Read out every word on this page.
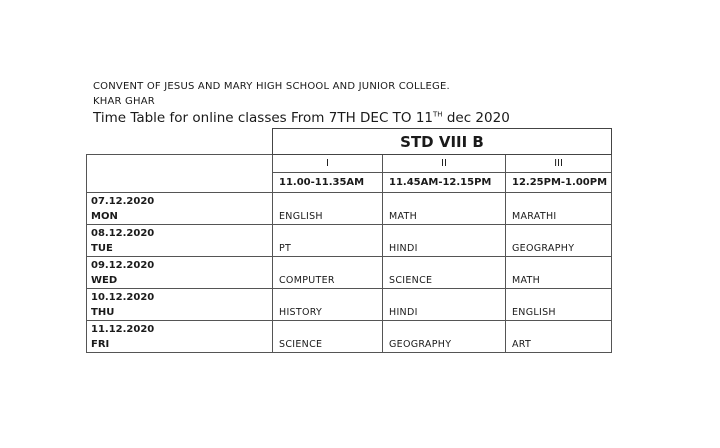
CONVENT OF JESUS AND MARY HIGH SCHOOL AND JUNIOR COLLEGE.
KHAR GHAR
Time Table for online classes From 7TH DEC TO 11TH dec 2020
	STD VIII B		
	I	II	III
	11.00-11.35AM	11.45AM-12.15PM	12.25PM-1.00PM

07.12.2020
MON	ENGLISH	MATH	MARATHI

08.12.2020
TUE	PT	HINDI	GEOGRAPHY

09.12.2020
WED	COMPUTER	SCIENCE	MATH

10.12.2020
THU	HISTORY	HINDI	ENGLISH

11.12.2020
FRI	SCIENCE	GEOGRAPHY	ART
